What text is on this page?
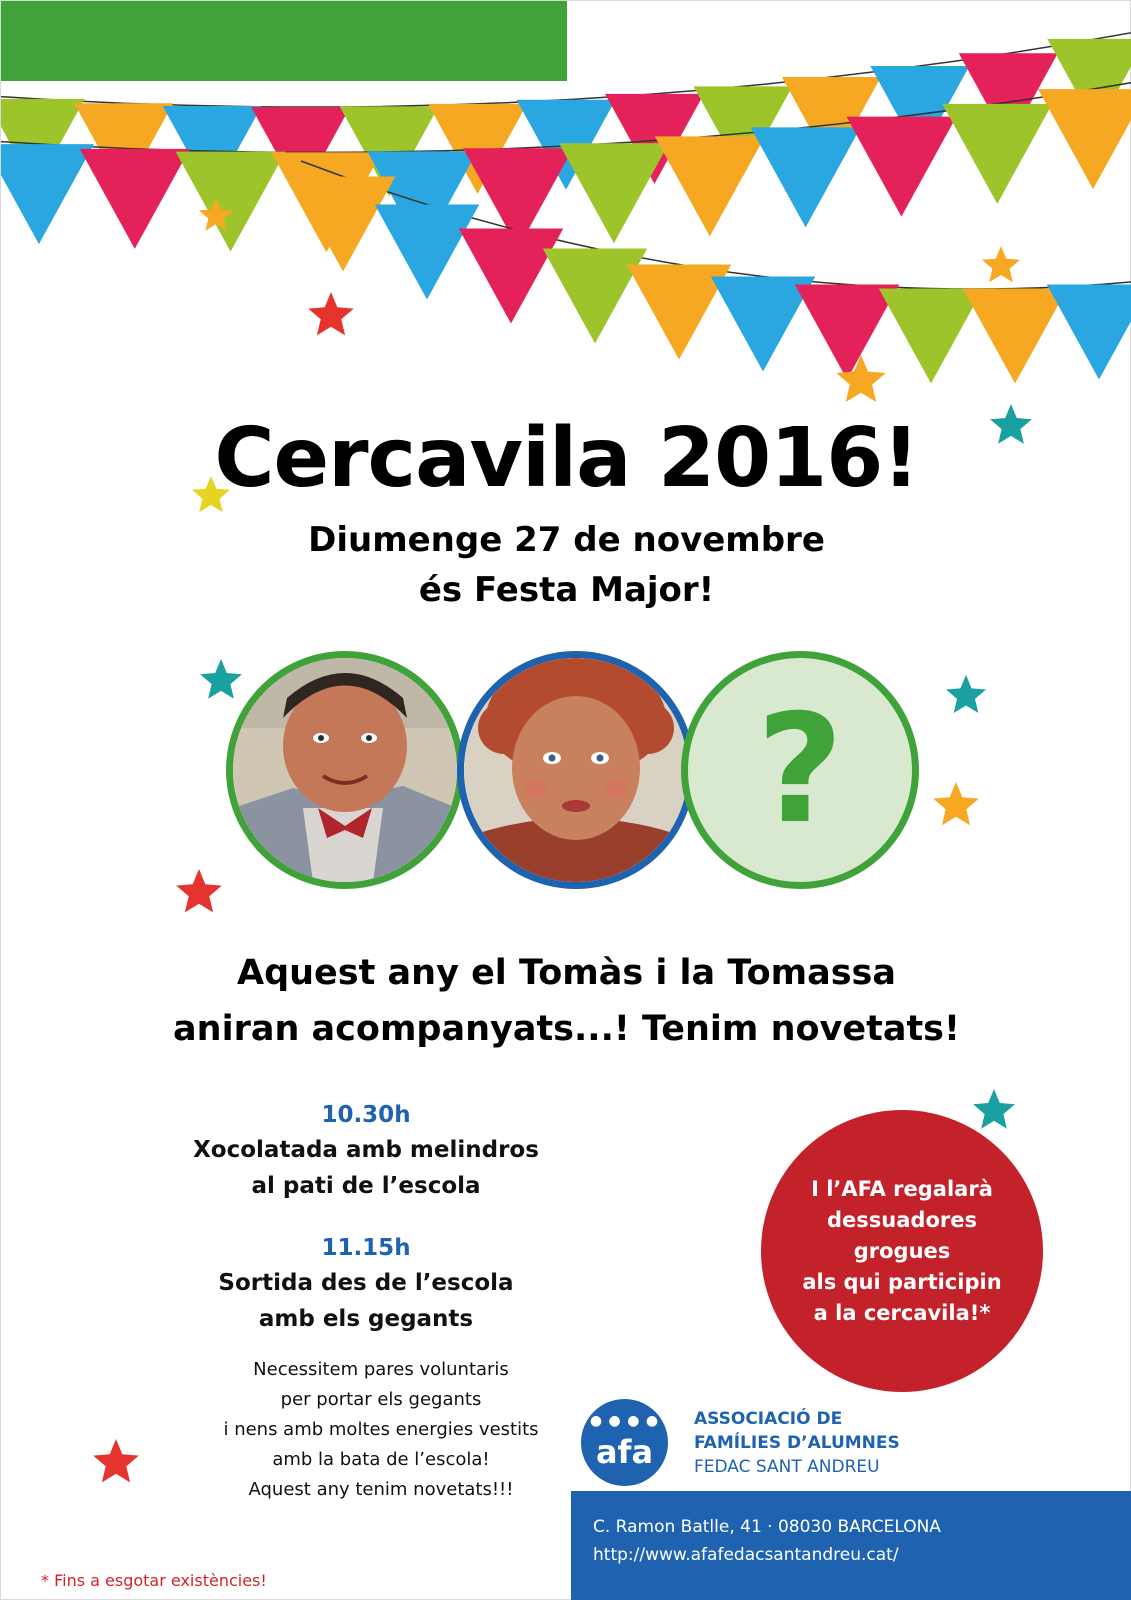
Cercavila 2016!
Diumenge 27 de novembre
és Festa Major!
?
Aquest any el Tomàs i la Tomassa
aniran acompanyats...! Tenim novetats!
10.30h
Xocolatada amb melindros
al pati de l’escola
11.15h
Sortida des de l’escola
amb els gegants
Necessitem pares voluntaris
per portar els gegants
i nens amb moltes energies vestits
amb la bata de l’escola!
Aquest any tenim novetats!!!
I l’AFA regalarà
dessuadores
grogues
als qui participin
a la cercavila!*
* Fins a esgotar existències!
● ● ● ●
afa
ASSOCIACIÓ DE
FAMÍLIES D’ALUMNES
FEDAC SANT ANDREU
C. Ramon Batlle, 41 · 08030 BARCELONA
http://www.afafedacsantandreu.cat/
